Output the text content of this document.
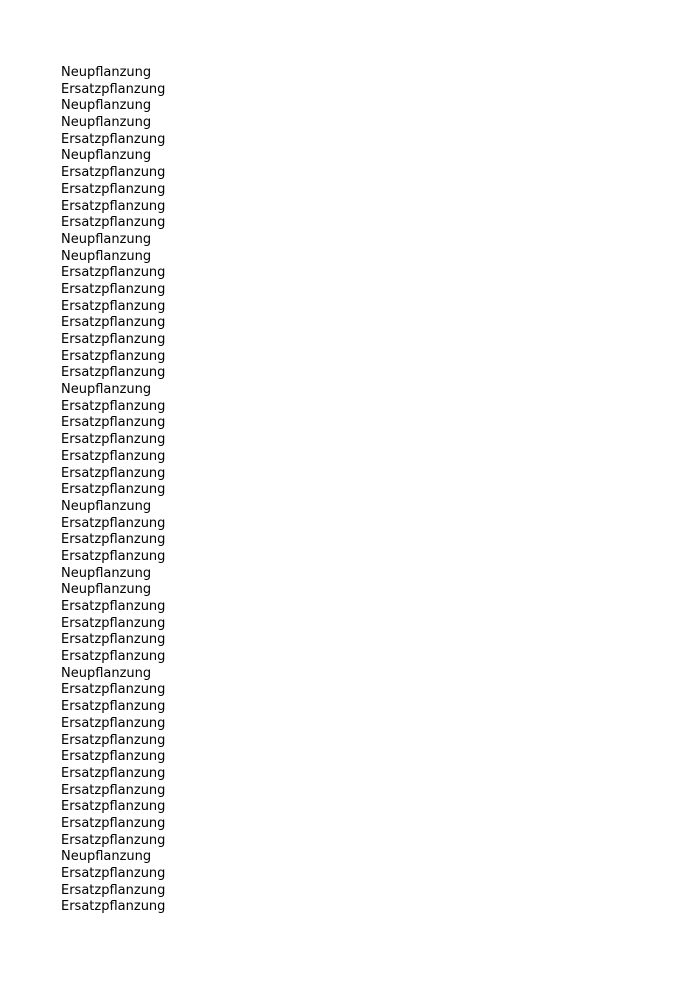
Neupflanzung
Ersatzpflanzung
Neupflanzung
Neupflanzung
Ersatzpflanzung
Neupflanzung
Ersatzpflanzung
Ersatzpflanzung
Ersatzpflanzung
Ersatzpflanzung
Neupflanzung
Neupflanzung
Ersatzpflanzung
Ersatzpflanzung
Ersatzpflanzung
Ersatzpflanzung
Ersatzpflanzung
Ersatzpflanzung
Ersatzpflanzung
Neupflanzung
Ersatzpflanzung
Ersatzpflanzung
Ersatzpflanzung
Ersatzpflanzung
Ersatzpflanzung
Ersatzpflanzung
Neupflanzung
Ersatzpflanzung
Ersatzpflanzung
Ersatzpflanzung
Neupflanzung
Neupflanzung
Ersatzpflanzung
Ersatzpflanzung
Ersatzpflanzung
Ersatzpflanzung
Neupflanzung
Ersatzpflanzung
Ersatzpflanzung
Ersatzpflanzung
Ersatzpflanzung
Ersatzpflanzung
Ersatzpflanzung
Ersatzpflanzung
Ersatzpflanzung
Ersatzpflanzung
Ersatzpflanzung
Neupflanzung
Ersatzpflanzung
Ersatzpflanzung
Ersatzpflanzung
